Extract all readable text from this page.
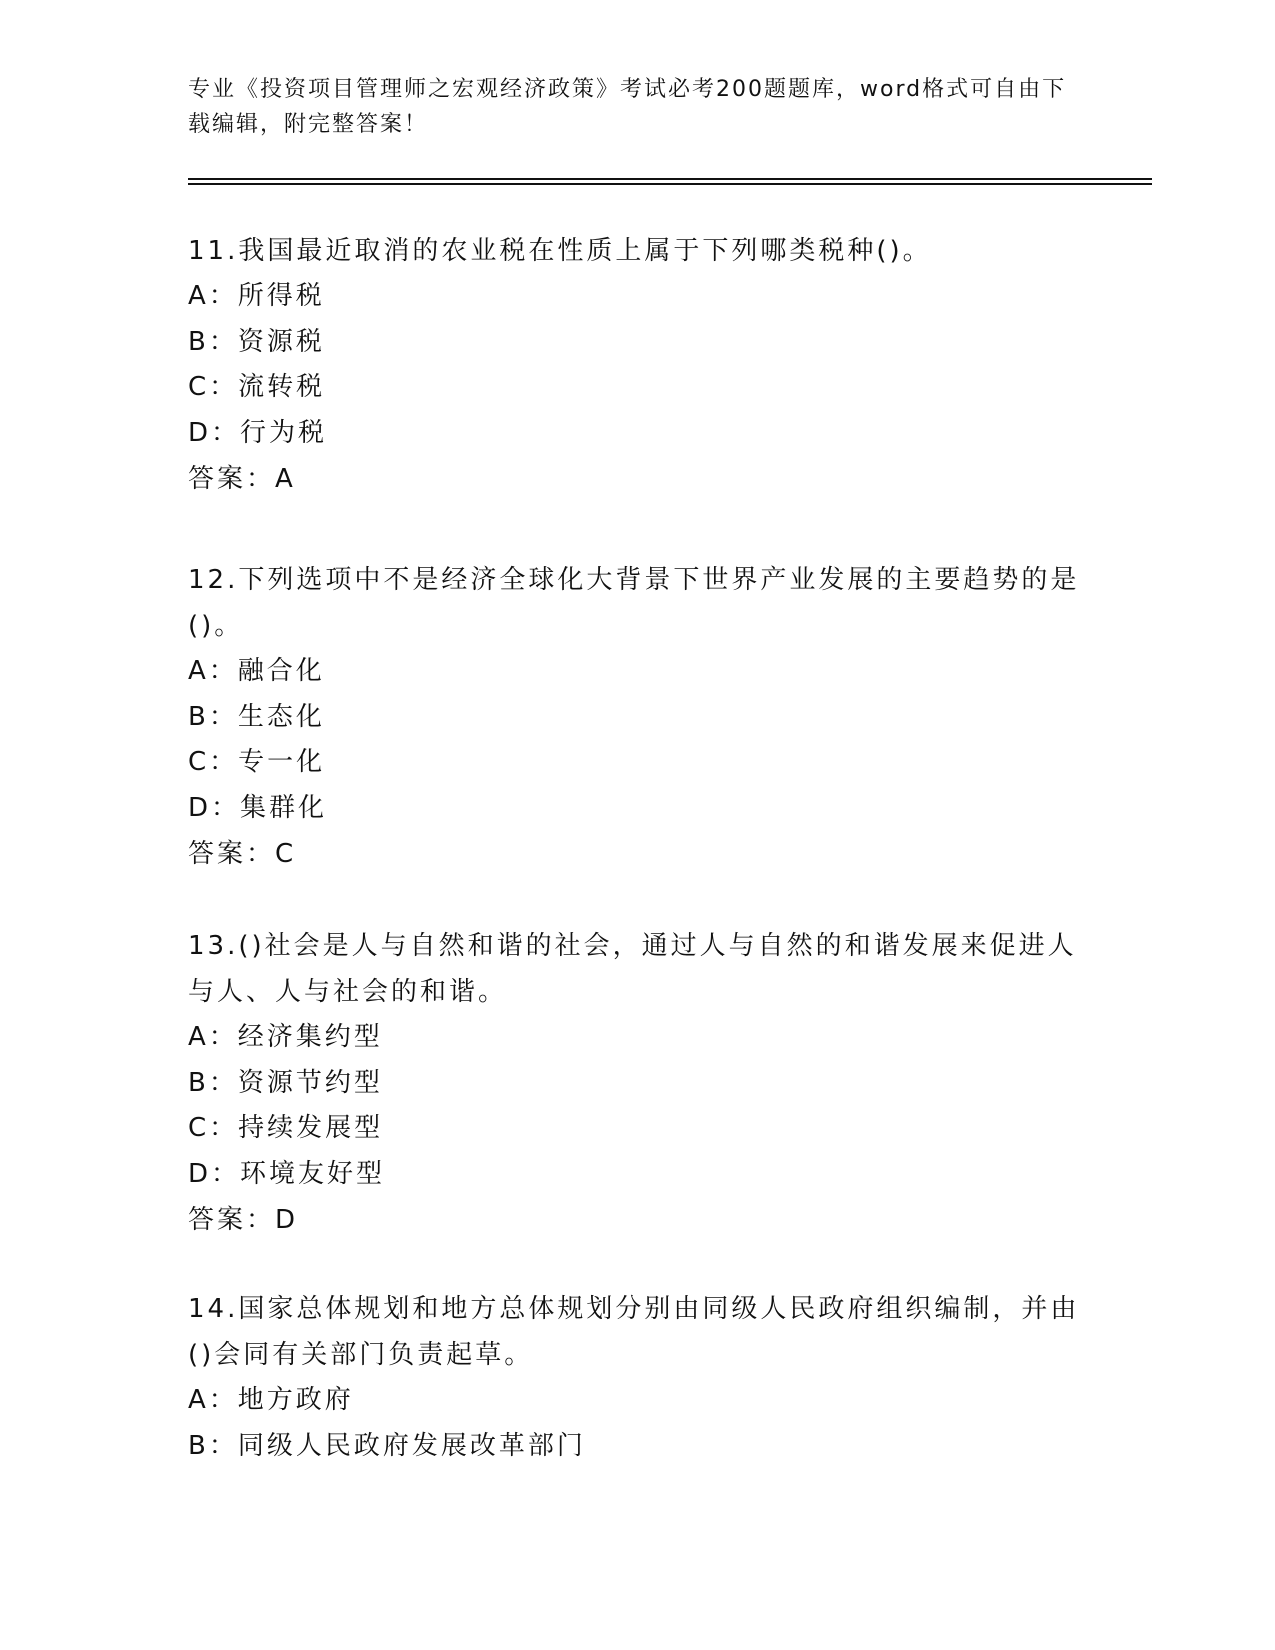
专业《投资项目管理师之宏观经济政策》考试必考200题题库，word格式可自由下载编辑，附完整答案！
11.我国最近取消的农业税在性质上属于下列哪类税种()。
A：所得税
B：资源税
C：流转税
D：行为税
答案：A
12.下列选项中不是经济全球化大背景下世界产业发展的主要趋势的是()。
A：融合化
B：生态化
C：专一化
D：集群化
答案：C
13.()社会是人与自然和谐的社会，通过人与自然的和谐发展来促进人与人、人与社会的和谐。
A：经济集约型
B：资源节约型
C：持续发展型
D：环境友好型
答案：D
14.国家总体规划和地方总体规划分别由同级人民政府组织编制，并由()会同有关部门负责起草。
A：地方政府
B：同级人民政府发展改革部门
